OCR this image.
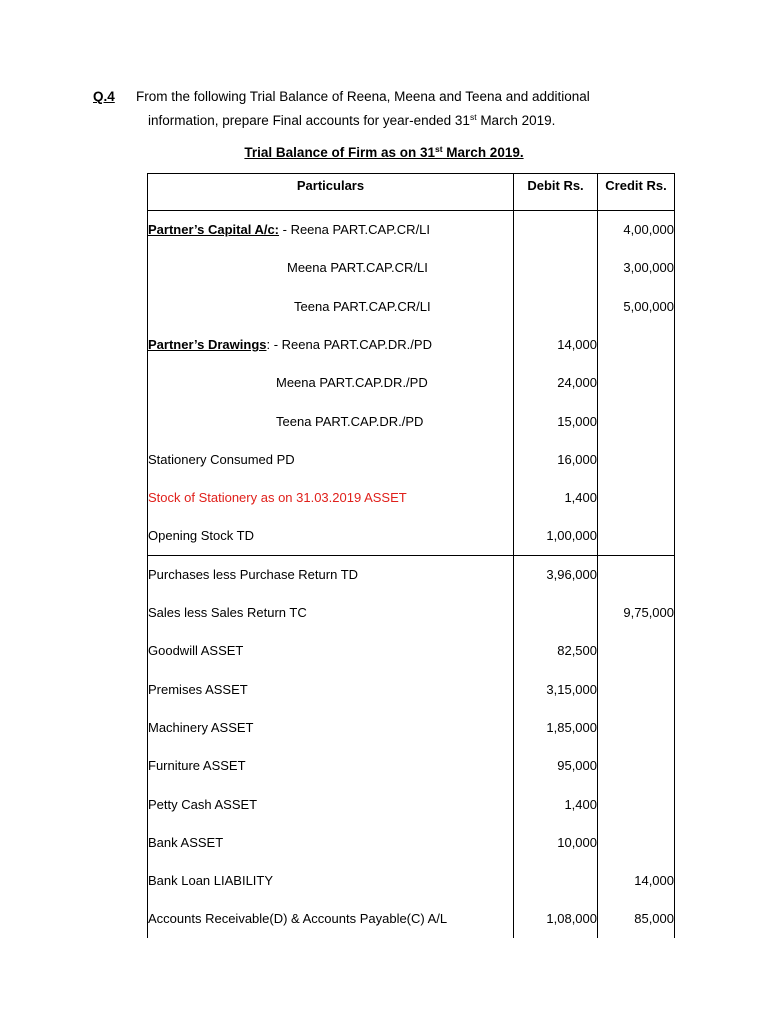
Q.4 From the following Trial Balance of Reena, Meena and Teena and additional
information, prepare Final accounts for year-ended 31st March 2019.
Trial Balance of Firm as on 31st March 2019.
Particulars	Debit Rs.	Credit Rs.
Partner’s Capital A/c: - Reena PART.CAP.CR/LI		4,00,000
Meena PART.CAP.CR/LI		3,00,000
Teena PART.CAP.CR/LI		5,00,000
Partner’s Drawings: - Reena PART.CAP.DR./PD	14,000	
Meena PART.CAP.DR./PD	24,000	
Teena PART.CAP.DR./PD	15,000	
Stationery Consumed PD	16,000	
Stock of Stationery as on 31.03.2019 ASSET	1,400	
Opening Stock TD	1,00,000	
Purchases less Purchase Return TD	3,96,000	
Sales less Sales Return TC		9,75,000
Goodwill ASSET	82,500	
Premises ASSET	3,15,000	
Machinery ASSET	1,85,000	
Furniture ASSET	95,000	
Petty Cash ASSET	1,400	
Bank ASSET	10,000	
Bank Loan LIABILITY		14,000
Accounts Receivable(D) & Accounts Payable(C) A/L	1,08,000	85,000
